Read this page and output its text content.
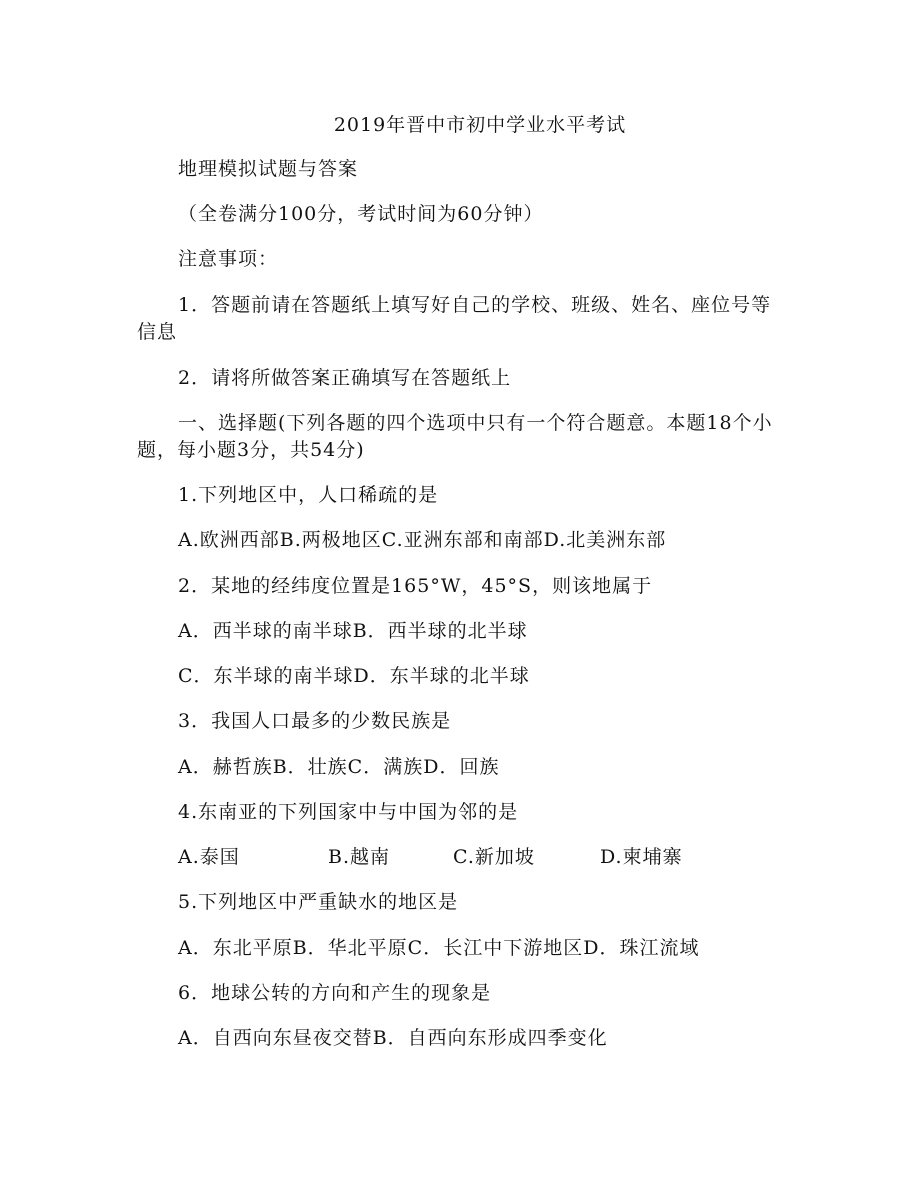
2019年晋中市初中学业水平考试
地理模拟试题与答案
（全卷满分100分，考试时间为60分钟）
注意事项：
1．答题前请在答题纸上填写好自己的学校、班级、姓名、座位号等信息
2．请将所做答案正确填写在答题纸上
一、选择题(下列各题的四个选项中只有一个符合题意。本题18个小题，每小题3分，共54分)
1.下列地区中，人口稀疏的是
A.欧洲西部B.两极地区C.亚洲东部和南部D.北美洲东部
2．某地的经纬度位置是165°W，45°S，则该地属于
A．西半球的南半球B．西半球的北半球
C．东半球的南半球D．东半球的北半球
3．我国人口最多的少数民族是
A．赫哲族B．壮族C．满族D．回族
4.东南亚的下列国家中与中国为邻的是
A.泰国	B.越南	C.新加坡	D.柬埔寨
5.下列地区中严重缺水的地区是
A．东北平原B．华北平原C．长江中下游地区D．珠江流域
6．地球公转的方向和产生的现象是
A．自西向东昼夜交替B．自西向东形成四季变化
